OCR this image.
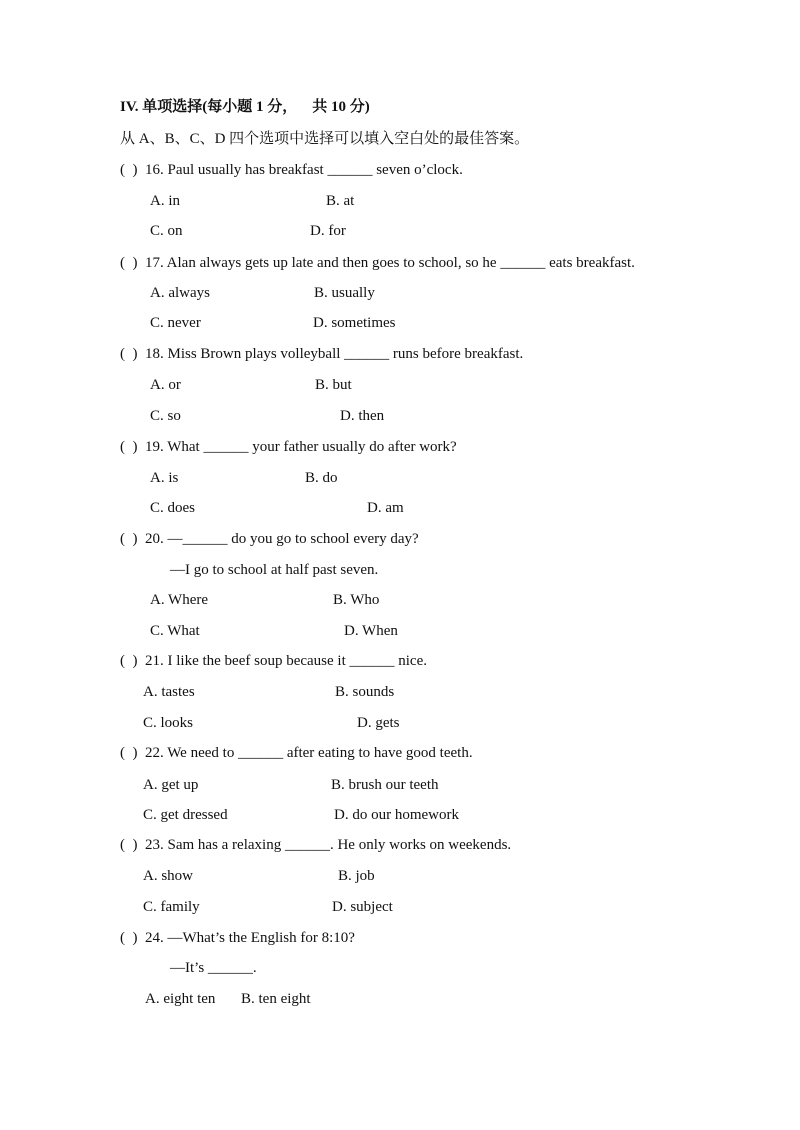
IV. 单项选择(每小题 1 分，    共 10 分)
从 A、B、C、D 四个选项中选择可以填入空白处的最佳答案。
(  )  16. Paul usually has breakfast ______ seven o’clock.
A. in	B. at
C. on	D. for
(  )  17. Alan always gets up late and then goes to school, so he ______ eats breakfast.
A. always	B. usually
C. never	D. sometimes
(  )  18. Miss Brown plays volleyball ______ runs before breakfast.
A. or	B. but
C. so	D. then
(  )  19. What ______ your father usually do after work?
A. is	B. do
C. does	D. am
(  )  20. —______ do you go to school every day?
—I go to school at half past seven.
A. Where	B. Who
C. What	D. When
(  )  21. I like the beef soup because it ______ nice.
A. tastes	B. sounds
C. looks	D. gets
(  )  22. We need to ______ after eating to have good teeth.
A. get up	B. brush our teeth
C. get dressed	D. do our homework
(  )  23. Sam has a relaxing ______. He only works on weekends.
A. show	B. job
C. family	D. subject
(  )  24. —What’s the English for 8:10?
—It’s ______.
A. eight ten B. ten eight
